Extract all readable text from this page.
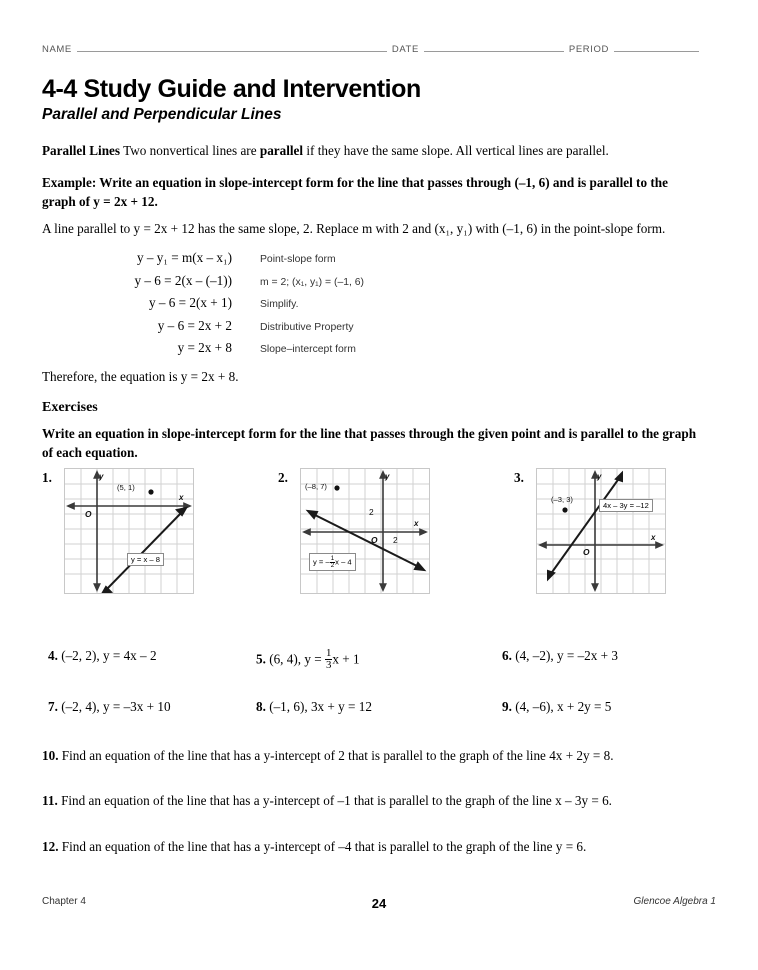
NAME	DATE	PERIOD
4-4 Study Guide and Intervention
Parallel and Perpendicular Lines
Parallel Lines Two nonvertical lines are parallel if they have the same slope. All vertical lines are parallel.
Example: Write an equation in slope-intercept form for the line that passes through (–1, 6) and is parallel to the graph of y = 2x + 12.
A line parallel to y = 2x + 12 has the same slope, 2. Replace m with 2 and (x₁, y₁) with (–1, 6) in the point-slope form.
y – y₁ = m(x – x₁)	Point-slope form
y – 6 = 2(x – (–1))	m = 2; (x₁, y₁) = (–1, 6)
y – 6 = 2(x + 1)	Simplify.
y – 6 = 2x + 2	Distributive Property
y = 2x + 8	Slope–intercept form
Therefore, the equation is y = 2x + 8.
Exercises
Write an equation in slope-intercept form for the line that passes through the given point and is parallel to the graph of each equation.
1.
(5, 1)
x
y
O
y = x – 8
2.
(–8, 7)
x
y
O
2
2
y = – $\frac{1}{2}$ x – 4
3.
(–3, 3)
x
y
O
4x – 3y = –12
4. (–2, 2), y = 4x – 2	5. (6, 4), $y = \frac{1}{3}$ x + 1	6. (4, –2), y = –2x + 3
7. (–2, 4), y = –3x + 10	8. (–1, 6), 3x + y = 12	9. (4, –6), x + 2y = 5
10. Find an equation of the line that has a y-intercept of 2 that is parallel to the graph of the line 4x + 2y = 8.
11. Find an equation of the line that has a y-intercept of –1 that is parallel to the graph of the line x – 3y = 6.
12. Find an equation of the line that has a y-intercept of –4 that is parallel to the graph of the line y = 6.
Chapter 4	24	Glencoe Algebra 1
